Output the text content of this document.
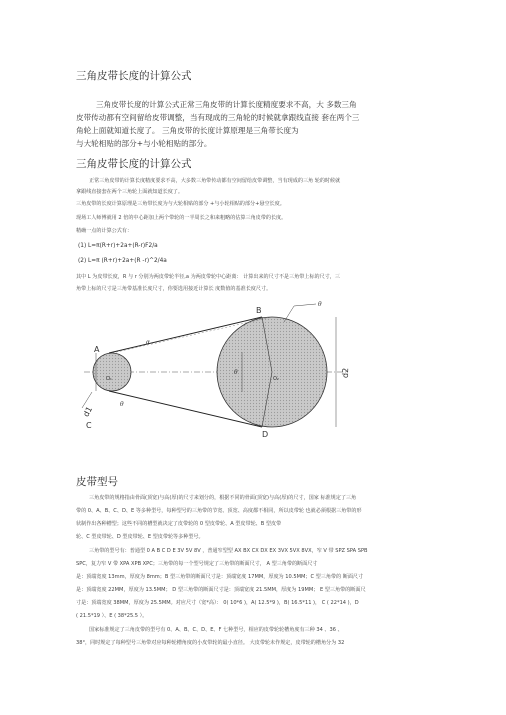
三角皮带长度的计算公式
三角皮带长度的计算公式正常三角皮带的计算长度精度要求不高，大 多数三角
皮带传动都有空间留给皮带调整，当有现成的三角轮的时候就拿跟线直接 套在两个三
角轮上面就知道长度了。 三角皮带的长度计算原理是三角带长度为
与大轮相贴的部分+与小轮相贴的部分。
三角皮带长度的计算公式
正常三角皮带的计算长度精度要求不高，大多数三角带传动都有空间留给皮带调整，当有现成的三角 轮的时候就
拿跟线直接套在两个三角轮上面就知道长度了。
三角皮带的长度计算原理是三角带长度为与大轮相贴的部分 +与小轮相贴的部分+悬空长度。
现场工人师傅就用 2 倍的中心距加上两个带轮的一半周长之和来粗略的估算三角皮带的长度。
精确一点的计算公式有：
(1) L=π(R+r)+2a+(R-r)F2/a
(2) L=π (R+r)+2a+(R -r)^2/4a
其中 L 为皮带长度，R 与 r 分别为两皮带轮半径,a 为两皮带轮中心距离： 计算出来的尺寸不是三角带上标的尺寸，三
角带上标的尺寸是三角带基准长度尺寸，你要选用接近计算长 度数值的基准长度尺寸。
A
C
B
D
d1
d2
α
θ
θ
θ
O₁	O₂
皮带型号
三角皮带的规格指由骨面(顶宽)与高(厚)的尺寸来划分的，根据不同的骨面(顶宽)与高(厚)的尺寸，国家 标准规定了三角
带的 0、A、B、C、D、E 等多种型号，每种型号的三角带的节宽、顶宽、高度都不相同，所以皮带轮 也就必须根据三角带的形
状制作出各种槽型；这些不同的槽型就决定了皮带轮的 0 型皮带轮、A 型皮带轮、B 型皮带
轮、C 型皮带轮、D 型皮带轮、E 型皮带轮等多种型号。
三角带的型号有：普通型 0 A B C D E 3V 5V 8V ，普通窄型型 AX BX CX DX EX 3VX 5VX 8VX，窄 V 带 SPZ SPA SPB
SPC，复力窄 V 带 XPA XPB XPC；三角带的每一个型号规定了三角带的断面尺寸， A 型三角带的断面尺寸
是：顶端宽度 13mm，厚度为 8mm；B 型三角带的断面尺寸是：顶端宽度 17MM，厚度为 10.5MM；C 型三角带的 断面尺寸
是：顶端宽度 22MM，厚度为 13.5MM； D 型三角带的断面尺寸是：顶端宽度 21.5MM，厚度为 19MM； E 型三角带的断面尺
寸是：顶端宽度 38MM，厚度为 25.5MM。对应尺寸（宽*高）： 0( 10*6 )，A( 12.5*9 )，B( 16.5*11 )， C ( 22*14 )，D
( 21.5*19 ）、E ( 38*25.5 ）。
国家标准规定了三角皮带的型号有 0、A、B、C、D、E、F 七种型号，相应的皮带轮轮槽角度有三种 34 、36 、
38°，同时规定了每种型号三角带对应每种轮槽角度的小皮带轮的最小直径。 大皮带轮未作规定，皮带轮的槽角分为 32
